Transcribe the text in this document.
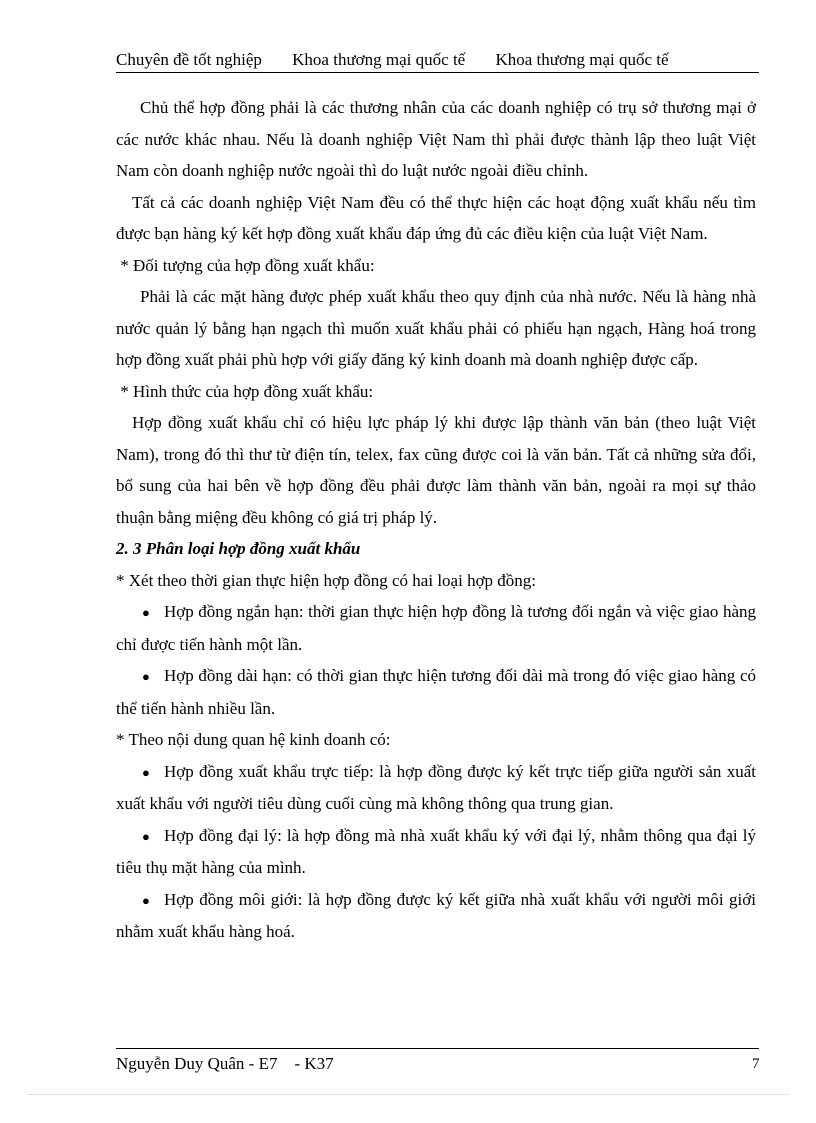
Chuyên đề tốt nghiệp Khoa thương mại quốc tế Khoa thương mại quốc tế

Chủ thể hợp đồng phải là các thương nhân của các doanh nghiệp có trụ sở thương mại ở các nước khác nhau. Nếu là doanh nghiệp Việt Nam thì phải được thành lập theo luật Việt Nam còn doanh nghiệp nước ngoài thì do luật nước ngoài điều chỉnh.

Tất cả các doanh nghiệp Việt Nam đều có thể thực hiện các hoạt động xuất khẩu nếu tìm được bạn hàng ký kết hợp đồng xuất khẩu đáp ứng đủ các điều kiện của luật Việt Nam.

* Đối tượng của hợp đồng xuất khẩu:

Phải là các mặt hàng được phép xuất khẩu theo quy định của nhà nước. Nếu là hàng nhà nước quản lý bằng hạn ngạch thì muốn xuất khẩu phải có phiếu hạn ngạch, Hàng hoá trong hợp đồng xuất phải phù hợp với giấy đăng ký kinh doanh mà doanh nghiệp được cấp.

* Hình thức của hợp đồng xuất khẩu:

Hợp đồng xuất khẩu chỉ có hiệu lực pháp lý khi được lập thành văn bản (theo luật Việt Nam), trong đó thì thư từ điện tín, telex, fax cũng được coi là văn bản. Tất cả những sửa đổi, bổ sung của hai bên về hợp đồng đều phải được làm thành văn bản, ngoài ra mọi sự thảo thuận bằng miệng đều không có giá trị pháp lý.

2. 3 Phân loại hợp đồng xuất khẩu

* Xét theo thời gian thực hiện hợp đồng có hai loại hợp đồng:

● Hợp đồng ngắn hạn: thời gian thực hiện hợp đồng là tương đối ngắn và việc giao hàng chỉ được tiến hành một lần.

● Hợp đồng dài hạn: có thời gian thực hiện tương đối dài mà trong đó việc giao hàng có thể tiến hành nhiều lần.

* Theo nội dung quan hệ kinh doanh có:

● Hợp đồng xuất khẩu trực tiếp: là hợp đồng được ký kết trực tiếp giữa người sản xuất xuất khẩu với người tiêu dùng cuối cùng mà không thông qua trung gian.

● Hợp đồng đại lý: là hợp đồng mà nhà xuất khẩu ký với đại lý, nhằm thông qua đại lý tiêu thụ mặt hàng của mình.

● Hợp đồng môi giới: là hợp đồng được ký kết giữa nhà xuất khẩu với người môi giới nhằm xuất khẩu hàng hoá.

Nguyễn Duy Quân - E7    - K37	7
